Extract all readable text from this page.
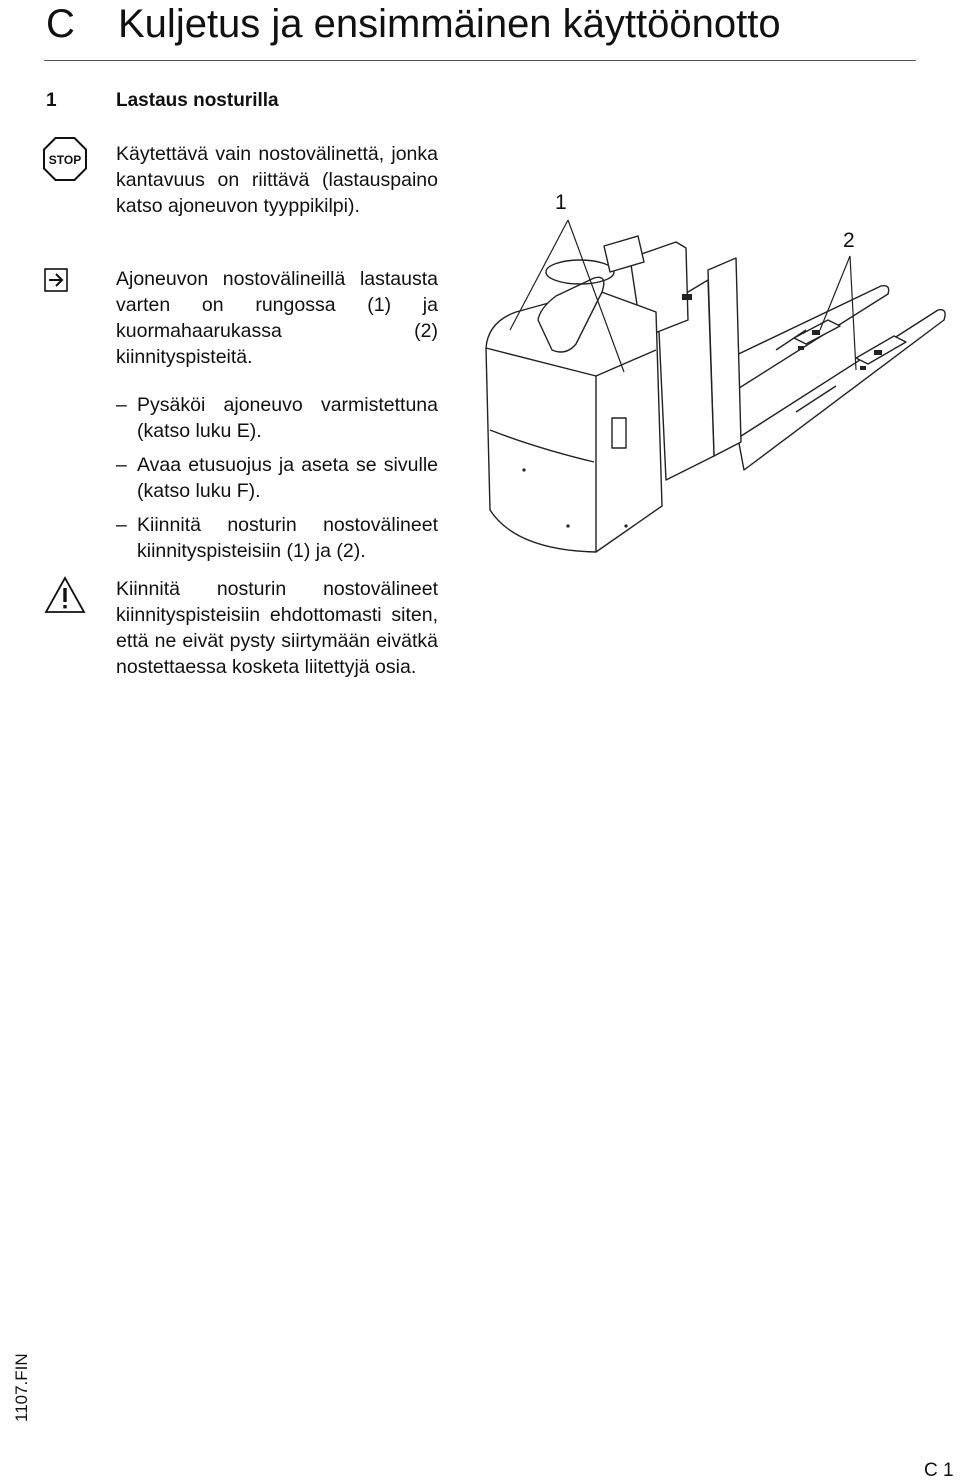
C Kuljetus ja ensimmäinen käyttöönotto
1	Lastaus nosturilla
STOP Käytettävä vain nostovälinettä, jonka kantavuus on riittävä (lastauspaino katso ajoneuvon tyyppikilpi).

Ajoneuvon nostovälineillä lastausta varten on rungossa (1) ja kuormahaarukassa (2) kiinnityspisteitä.

– Pysäköi ajoneuvo varmistettuna (katso luku E).
– Avaa etusuojus ja aseta se sivulle (katso luku F).
– Kiinnitä nosturin nostovälineet kiinnityspisteisiin (1) ja (2).

Kiinnitä nosturin nostovälineet kiinnityspisteisiin ehdottomasti siten, että ne eivät pysty siirtymään eivätkä nostettaessa kosketa liitettyjä osia.

1
2
1107.FIN
C 1
